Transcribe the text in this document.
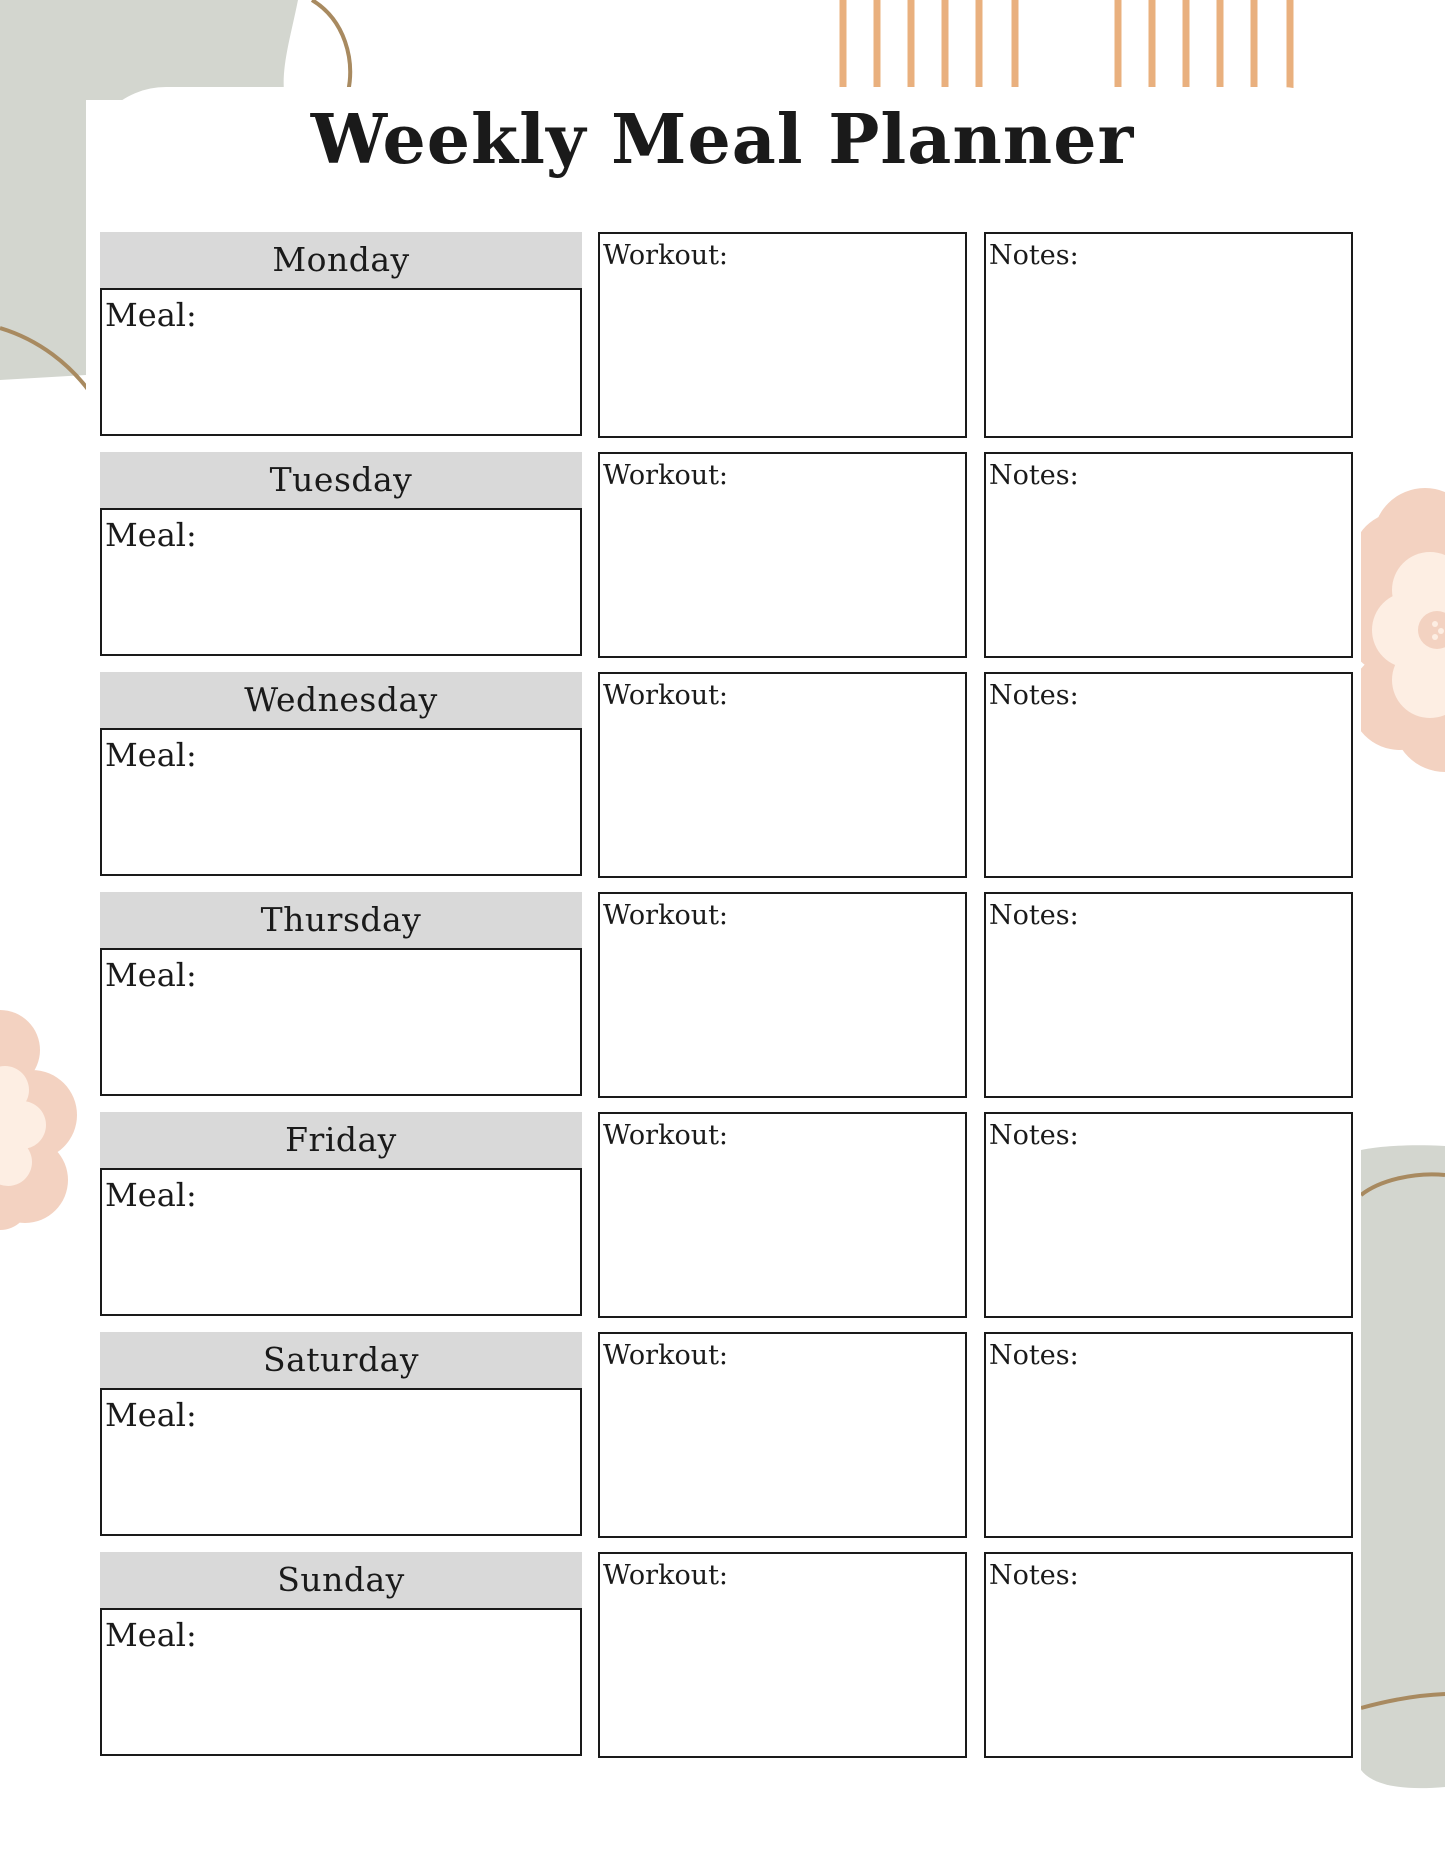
Weekly Meal Planner
Monday
Meal:
Workout:	Notes:
Tuesday
Meal:
Workout:	Notes:
Wednesday
Meal:
Workout:	Notes:
Thursday
Meal:
Workout:	Notes:
Friday
Meal:
Workout:	Notes:
Saturday
Meal:
Workout:	Notes:
Sunday
Meal:
Workout:	Notes:
